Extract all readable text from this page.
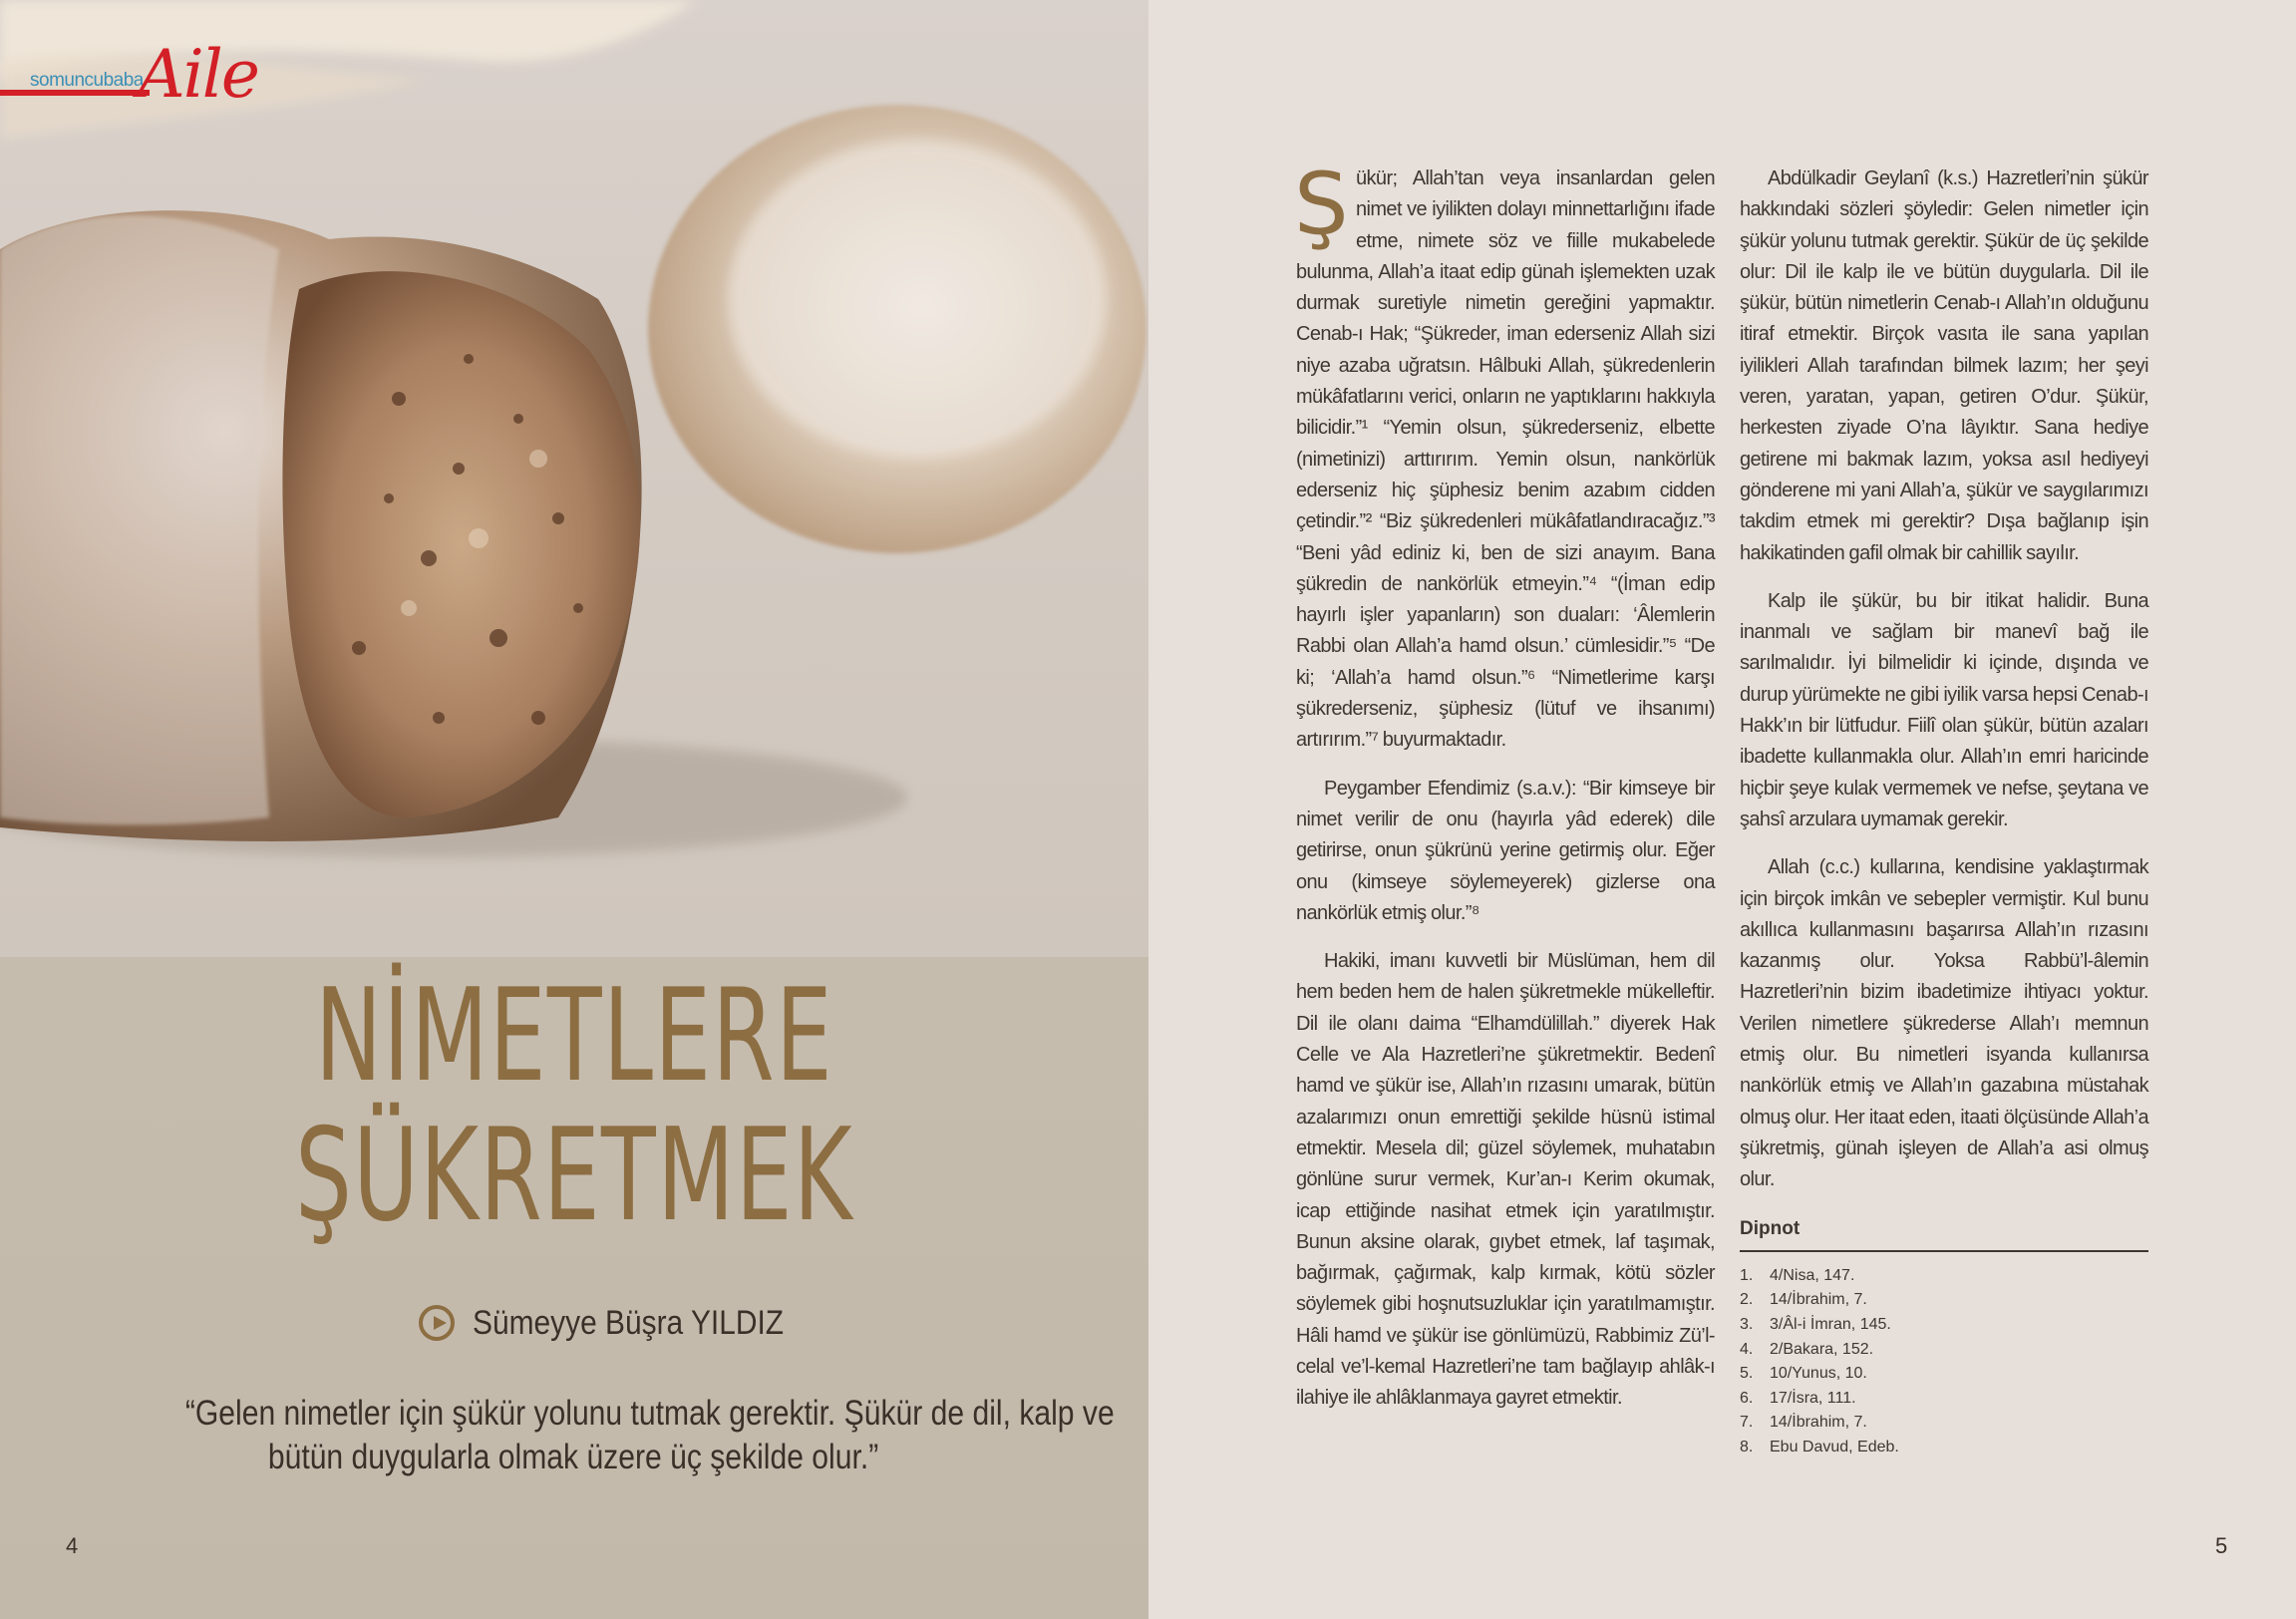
somuncubaba
Aile
NİMETLERE
ŞÜKRETMEK
Sümeyye Büşra YILDIZ
“Gelen nimetler için şükür yolunu tutmak gerektir. Şükür de dil, kalp ve
bütün duygularla olmak üzere üç şekilde olur.”
4

Şükür; Allah’tan veya insanlardan gelen nimet ve iyilikten dolayı minnettarlığını ifade etme, nimete söz ve fiille mukabelede bulunma, Allah’a itaat edip günah işlemekten uzak durmak suretiyle nimetin gereğini yapmaktır. Cenab-ı Hak; “Şükreder, iman ederseniz Allah sizi niye azaba uğratsın. Hâlbuki Allah, şükredenlerin mükâfatlarını verici, onların ne yaptıklarını hakkıyla bilicidir.”¹ “Yemin olsun, şükrederseniz, elbette (nimetinizi) arttırırım. Yemin olsun, nankörlük ederseniz hiç şüphesiz benim azabım cidden çetindir.”² “Biz şükredenleri mükâfatlandıracağız.”³ “Beni yâd ediniz ki, ben de sizi anayım. Bana şükredin de nankörlük etmeyin.”⁴ “(İman edip hayırlı işler yapanların) son duaları: ‘Âlemlerin Rabbi olan Allah’a hamd olsun.’ cümlesidir.”⁵ “De ki; ‘Allah’a hamd olsun.”⁶ “Nimetlerime karşı şükrederseniz, şüphesiz (lütuf ve ihsanımı) artırırım.”⁷ buyurmaktadır.

Peygamber Efendimiz (s.a.v.): “Bir kimseye bir nimet verilir de onu (hayırla yâd ederek) dile getirirse, onun şükrünü yerine getirmiş olur. Eğer onu (kimseye söylemeyerek) gizlerse ona nankörlük etmiş olur.”⁸

Hakiki, imanı kuvvetli bir Müslüman, hem dil hem beden hem de halen şükretmekle mükelleftir. Dil ile olanı daima “Elhamdülillah.” diyerek Hak Celle ve Ala Hazretleri’ne şükretmektir. Bedenî hamd ve şükür ise, Allah’ın rızasını umarak, bütün azalarımızı onun emrettiği şekilde hüsnü istimal etmektir. Mesela dil; güzel söylemek, muhatabın gönlüne surur vermek, Kur’an-ı Kerim okumak, icap ettiğinde nasihat etmek için yaratılmıştır. Bunun aksine olarak, gıybet etmek, laf taşımak, bağırmak, çağırmak, kalp kırmak, kötü sözler söylemek gibi hoşnutsuzluklar için yaratılmamıştır. Hâli hamd ve şükür ise gönlümüzü, Rabbimiz Zü’l-celal ve’l-kemal Hazretleri’ne tam bağlayıp ahlâk-ı ilahiye ile ahlâklanmaya gayret etmektir.

Abdülkadir Geylanî (k.s.) Hazretleri’nin şükür hakkındaki sözleri şöyledir: Gelen nimetler için şükür yolunu tutmak gerektir. Şükür de üç şekilde olur: Dil ile kalp ile ve bütün duygularla. Dil ile şükür, bütün nimetlerin Cenab-ı Allah’ın olduğunu itiraf etmektir. Birçok vasıta ile sana yapılan iyilikleri Allah tarafından bilmek lazım; her şeyi veren, yaratan, yapan, getiren O’dur. Şükür, herkesten ziyade O’na lâyıktır. Sana hediye getirene mi bakmak lazım, yoksa asıl hediyeyi gönderene mi yani Allah’a, şükür ve saygılarımızı takdim etmek mi gerektir? Dışa bağlanıp işin hakikatinden gafil olmak bir cahillik sayılır.

Kalp ile şükür, bu bir itikat halidir. Buna inanmalı ve sağlam bir manevî bağ ile sarılmalıdır. İyi bilmelidir ki içinde, dışında ve durup yürümekte ne gibi iyilik varsa hepsi Cenab-ı Hakk’ın bir lütfudur. Fiilî olan şükür, bütün azaları ibadette kullanmakla olur. Allah’ın emri haricinde hiçbir şeye kulak vermemek ve nefse, şeytana ve şahsî arzulara uymamak gerekir.

Allah (c.c.) kullarına, kendisine yaklaştırmak için birçok imkân ve sebepler vermiştir. Kul bunu akıllıca kullanmasını başarırsa Allah’ın rızasını kazanmış olur. Yoksa Rabbü’l-âlemin Hazretleri’nin bizim ibadetimize ihtiyacı yoktur. Verilen nimetlere şükrederse Allah’ı memnun etmiş olur. Bu nimetleri isyanda kullanırsa nankörlük etmiş ve Allah’ın gazabına müstahak olmuş olur. Her itaat eden, itaati ölçüsünde Allah’a şükretmiş, günah işleyen de Allah’a asi olmuş olur.

Dipnot
1.	4/Nisa, 147.
2.	14/İbrahim, 7.
3.	3/Âl-i İmran, 145.
4.	2/Bakara, 152.
5.	10/Yunus, 10.
6.	17/İsra, 111.
7.	14/İbrahim, 7.
8.	Ebu Davud, Edeb.
5
